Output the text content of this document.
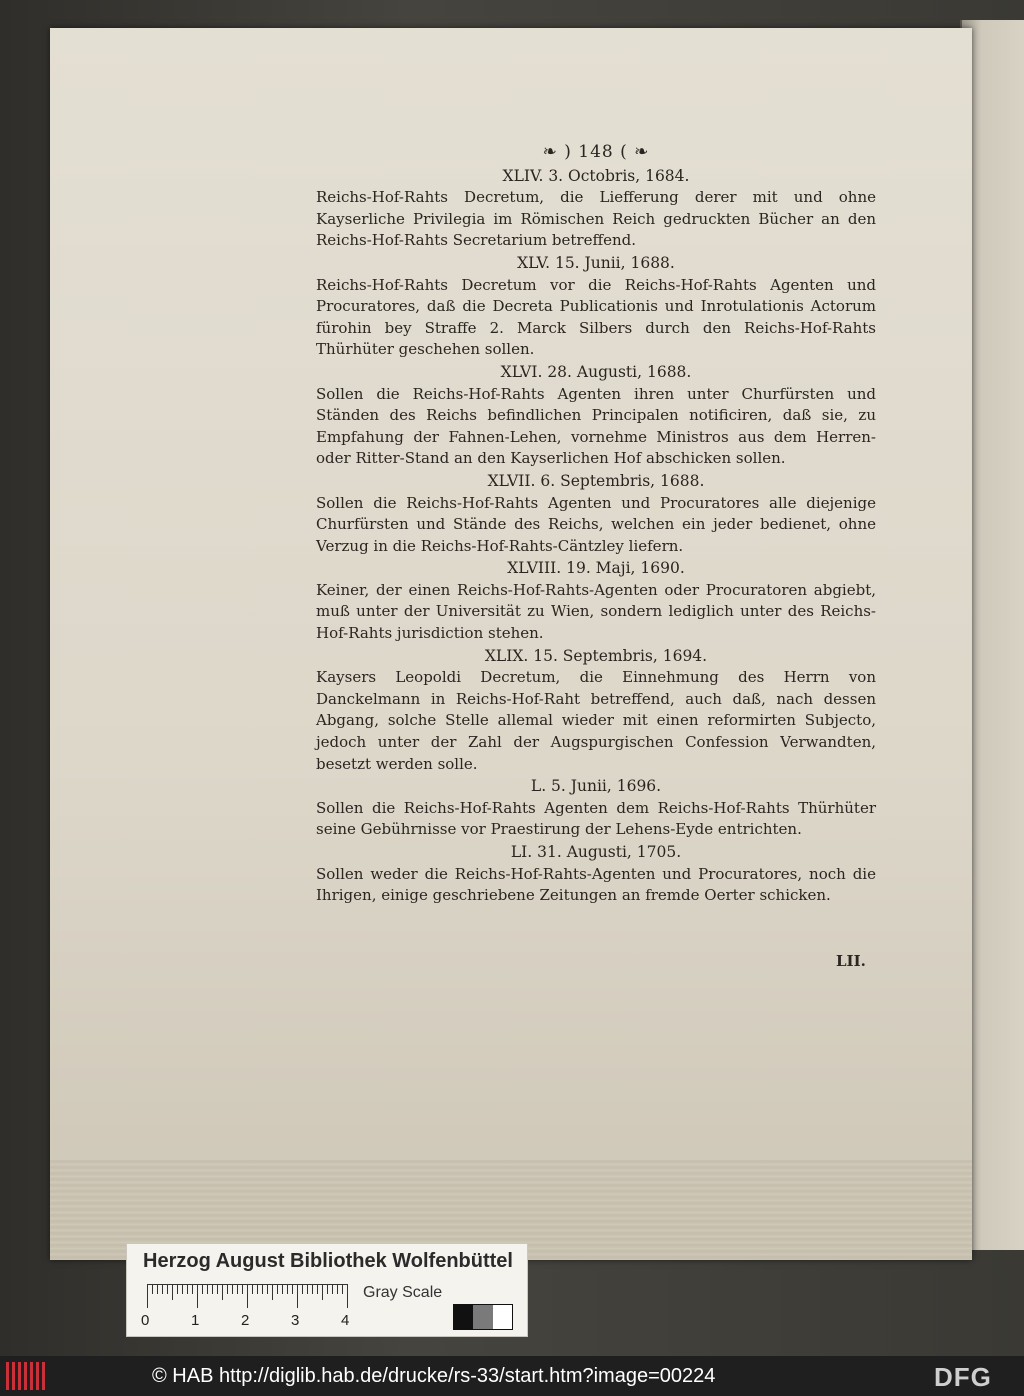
❧ ) 148 ( ❧
XLIV. 3. Octobris, 1684.
Reichs-Hof-Rahts Decretum, die Liefferung derer mit und ohne Kayserliche Privilegia im Römischen Reich gedruckten Bücher an den Reichs-Hof-Rahts Secretarium betreffend.
XLV. 15. Junii, 1688.
Reichs-Hof-Rahts Decretum vor die Reichs-Hof-Rahts Agenten und Procuratores, daß die Decreta Publicationis und Inrotulationis Actorum fürohin bey Straffe 2. Marck Silbers durch den Reichs-Hof-Rahts Thürhüter geschehen sollen.
XLVI. 28. Augusti, 1688.
Sollen die Reichs-Hof-Rahts Agenten ihren unter Churfürsten und Ständen des Reichs befindlichen Principalen notificiren, daß sie, zu Empfahung der Fahnen-Lehen, vornehme Ministros aus dem Herren-oder Ritter-Stand an den Kayserlichen Hof abschicken sollen.
XLVII. 6. Septembris, 1688.
Sollen die Reichs-Hof-Rahts Agenten und Procuratores alle diejenige Churfürsten und Stände des Reichs, welchen ein jeder bedienet, ohne Verzug in die Reichs-Hof-Rahts-Cäntzley liefern.
XLVIII. 19. Maji, 1690.
Keiner, der einen Reichs-Hof-Rahts-Agenten oder Procuratoren abgiebt, muß unter der Universität zu Wien, sondern lediglich unter des Reichs-Hof-Rahts jurisdiction stehen.
XLIX. 15. Septembris, 1694.
Kaysers Leopoldi Decretum, die Einnehmung des Herrn von Danckelmann in Reichs-Hof-Raht betreffend, auch daß, nach dessen Abgang, solche Stelle allemal wieder mit einen reformirten Subjecto, jedoch unter der Zahl der Augspurgischen Confession Verwandten, besetzt werden solle.
L. 5. Junii, 1696.
Sollen die Reichs-Hof-Rahts Agenten dem Reichs-Hof-Rahts Thürhüter seine Gebührnisse vor Praestirung der Lehens-Eyde entrichten.
LI. 31. Augusti, 1705.
Sollen weder die Reichs-Hof-Rahts-Agenten und Procuratores, noch die Ihrigen, einige geschriebene Zeitungen an fremde Oerter schicken.
LII.
Herzog August Bibliothek Wolfenbüttel
0	1	2	3	4
Gray Scale
© HAB http://diglib.hab.de/drucke/rs-33/start.htm?image=00224	DFG
